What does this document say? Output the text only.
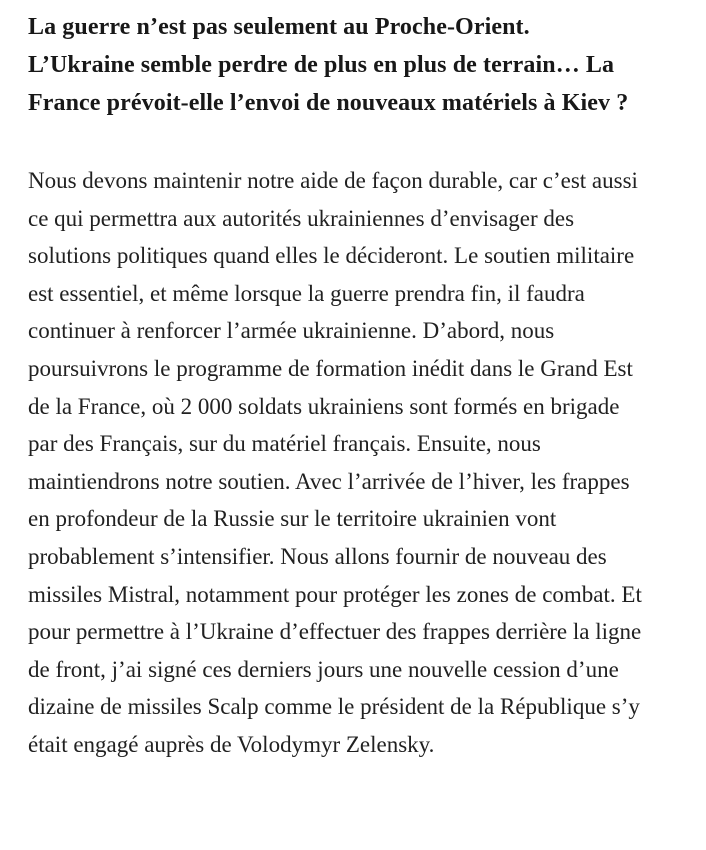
La guerre n’est pas seulement au Proche-Orient. L’Ukraine semble perdre de plus en plus de terrain… La France prévoit-elle l’envoi de nouveaux matériels à Kiev ?

Nous devons maintenir notre aide de façon durable, car c’est aussi ce qui permettra aux autorités ukrainiennes d’envisager des solutions politiques quand elles le décideront. Le soutien militaire est essentiel, et même lorsque la guerre prendra fin, il faudra continuer à renforcer l’armée ukrainienne. D’abord, nous poursuivrons le programme de formation inédit dans le Grand Est de la France, où 2 000 soldats ukrainiens sont formés en brigade par des Français, sur du matériel français. Ensuite, nous maintiendrons notre soutien. Avec l’arrivée de l’hiver, les frappes en profondeur de la Russie sur le territoire ukrainien vont probablement s’intensifier. Nous allons fournir de nouveau des missiles Mistral, notamment pour protéger les zones de combat. Et pour permettre à l’Ukraine d’effectuer des frappes derrière la ligne de front, j’ai signé ces derniers jours une nouvelle cession d’une dizaine de missiles Scalp comme le président de la République s’y était engagé auprès de Volodymyr Zelensky.
